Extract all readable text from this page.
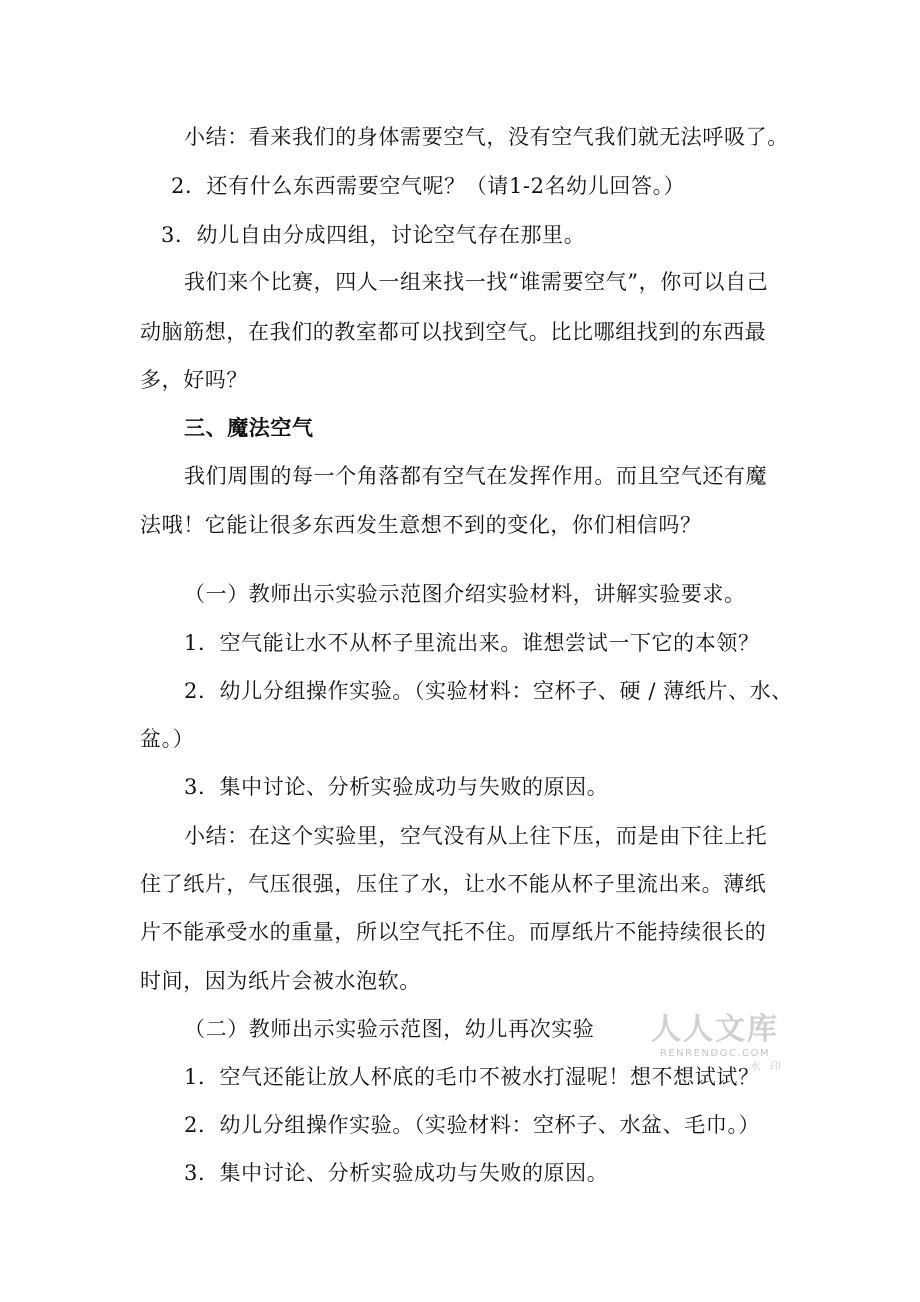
小结：看来我们的身体需要空气，没有空气我们就无法呼吸了。
2．还有什么东西需要空气呢？（请1-2名幼儿回答。）
3．幼儿自由分成四组，讨论空气存在那里。
我们来个比赛，四人一组来找一找“谁需要空气”，你可以自己
动脑筋想，在我们的教室都可以找到空气。比比哪组找到的东西最
多，好吗？
三、魔法空气
我们周围的每一个角落都有空气在发挥作用。而且空气还有魔
法哦！它能让很多东西发生意想不到的变化，你们相信吗？
（一）教师出示实验示范图介绍实验材料，讲解实验要求。
1．空气能让水不从杯子里流出来。谁想尝试一下它的本领？
2．幼儿分组操作实验。（实验材料：空杯子、硬 / 薄纸片、水、
盆。）
3．集中讨论、分析实验成功与失败的原因。
小结：在这个实验里，空气没有从上往下压，而是由下往上托
住了纸片，气压很强，压住了水，让水不能从杯子里流出来。薄纸
片不能承受水的重量，所以空气托不住。而厚纸片不能持续很长的
时间，因为纸片会被水泡软。
（二）教师出示实验示范图，幼儿再次实验
1．空气还能让放人杯底的毛巾不被水打湿呢！想不想试试？
2．幼儿分组操作实验。（实验材料：空杯子、水盆、毛巾。）
3．集中讨论、分析实验成功与失败的原因。
人人文库
RENRENDOC.COM
水 印
